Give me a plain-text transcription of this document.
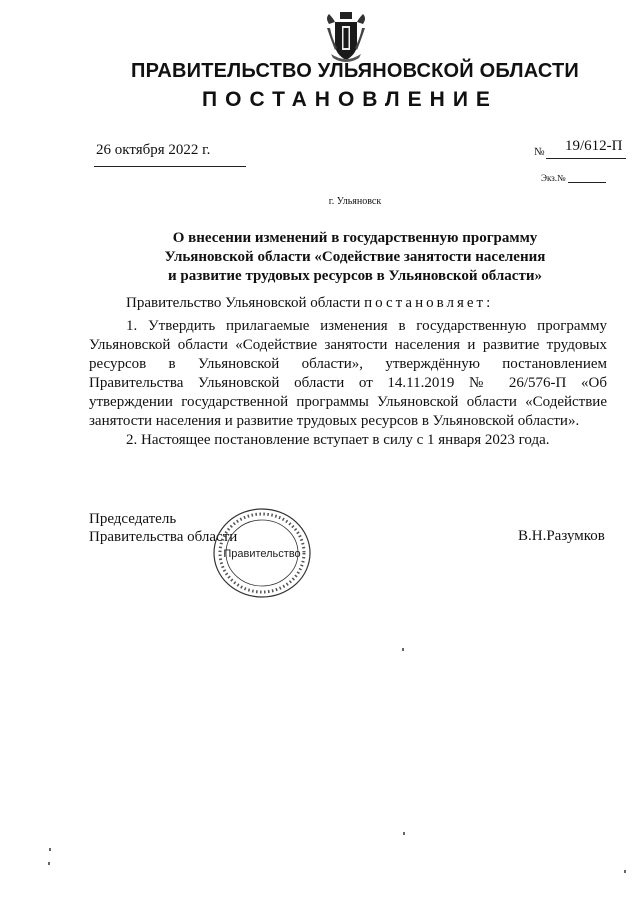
ПРАВИТЕЛЬСТВО УЛЬЯНОВСКОЙ ОБЛАСТИ
ПОСТАНОВЛЕНИЕ
26 октября 2022 г.	№ 19/612-П
Экз.№
г. Ульяновск
О внесении изменений в государственную программу
Ульяновской области «Содействие занятости населения
и развитие трудовых ресурсов в Ульяновской области»
Правительство Ульяновской области постановляет:

1. Утвердить прилагаемые изменения в государственную программу Ульяновской области «Содействие занятости населения и развитие трудовых ресурсов в Ульяновской области», утверждённую постановлением Правительства Ульяновской области от 14.11.2019 № 26/576-П «Об утверждении государственной программы Ульяновской области «Содействие занятости населения и развитие трудовых ресурсов в Ульяновской области».

2. Настоящее постановление вступает в силу с 1 января 2023 года.

Председатель
Правительства области
Правительство
В.Н.Разумков
